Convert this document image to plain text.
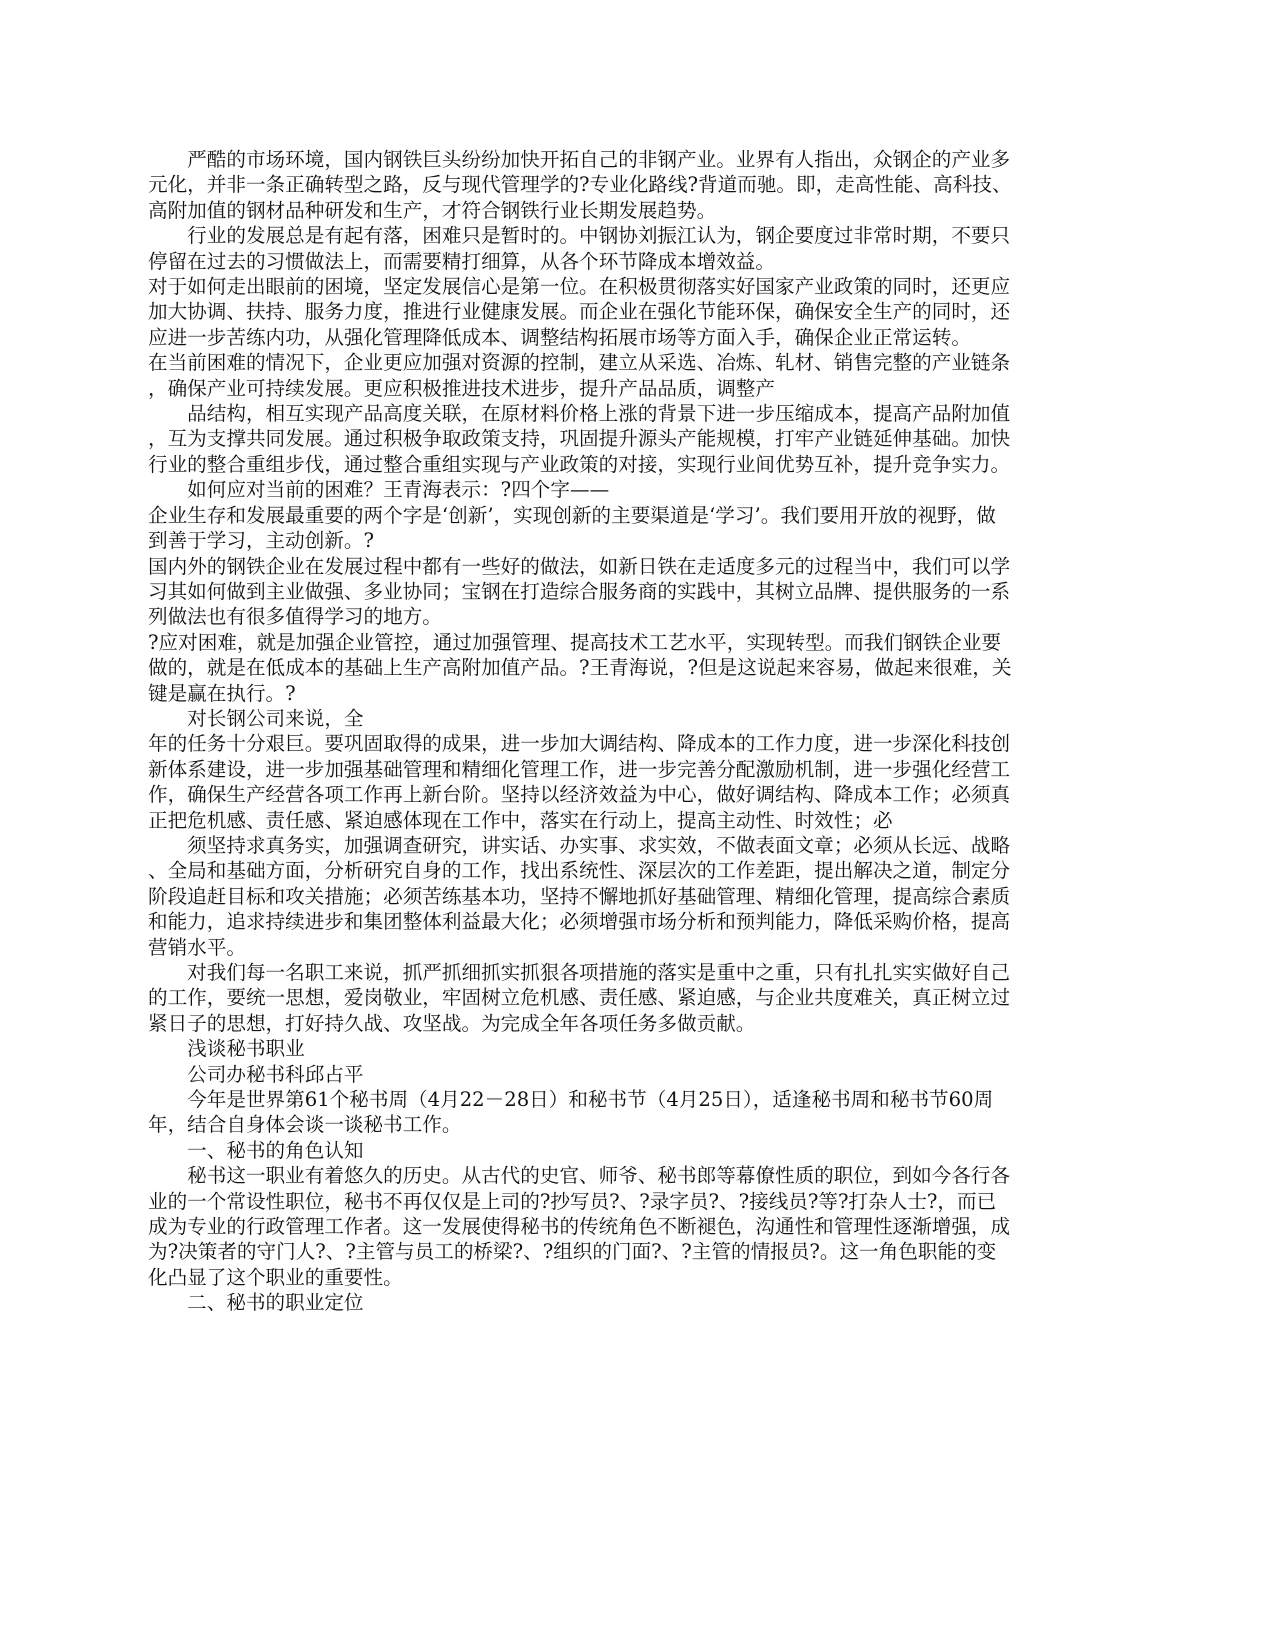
　　严酷的市场环境，国内钢铁巨头纷纷加快开拓自己的非钢产业。业界有人指出，众钢企的产业多
元化，并非一条正确转型之路，反与现代管理学的?专业化路线?背道而驰。即，走高性能、高科技、
高附加值的钢材品种研发和生产，才符合钢铁行业长期发展趋势。
　　行业的发展总是有起有落，困难只是暂时的。中钢协刘振江认为，钢企要度过非常时期，不要只
停留在过去的习惯做法上，而需要精打细算，从各个环节降成本增效益。
对于如何走出眼前的困境，坚定发展信心是第一位。在积极贯彻落实好国家产业政策的同时，还更应
加大协调、扶持、服务力度，推进行业健康发展。而企业在强化节能环保，确保安全生产的同时，还
应进一步苦练内功，从强化管理降低成本、调整结构拓展市场等方面入手，确保企业正常运转。
在当前困难的情况下，企业更应加强对资源的控制，建立从采选、冶炼、轧材、销售完整的产业链条
，确保产业可持续发展。更应积极推进技术进步，提升产品品质，调整产
　　品结构，相互实现产品高度关联，在原材料价格上涨的背景下进一步压缩成本，提高产品附加值
，互为支撑共同发展。通过积极争取政策支持，巩固提升源头产能规模，打牢产业链延伸基础。加快
行业的整合重组步伐，通过整合重组实现与产业政策的对接，实现行业间优势互补，提升竞争实力。
　　如何应对当前的困难？王青海表示：?四个字——
企业生存和发展最重要的两个字是‘创新’，实现创新的主要渠道是‘学习’。我们要用开放的视野，做
到善于学习，主动创新。?
国内外的钢铁企业在发展过程中都有一些好的做法，如新日铁在走适度多元的过程当中，我们可以学
习其如何做到主业做强、多业协同；宝钢在打造综合服务商的实践中，其树立品牌、提供服务的一系
列做法也有很多值得学习的地方。
?应对困难，就是加强企业管控，通过加强管理、提高技术工艺水平，实现转型。而我们钢铁企业要
做的，就是在低成本的基础上生产高附加值产品。?王青海说，?但是这说起来容易，做起来很难，关
键是赢在执行。?
　　对长钢公司来说，全
年的任务十分艰巨。要巩固取得的成果，进一步加大调结构、降成本的工作力度，进一步深化科技创
新体系建设，进一步加强基础管理和精细化管理工作，进一步完善分配激励机制，进一步强化经营工
作，确保生产经营各项工作再上新台阶。坚持以经济效益为中心，做好调结构、降成本工作；必须真
正把危机感、责任感、紧迫感体现在工作中，落实在行动上，提高主动性、时效性；必
　　须坚持求真务实，加强调查研究，讲实话、办实事、求实效，不做表面文章；必须从长远、战略
、全局和基础方面，分析研究自身的工作，找出系统性、深层次的工作差距，提出解决之道，制定分
阶段追赶目标和攻关措施；必须苦练基本功，坚持不懈地抓好基础管理、精细化管理，提高综合素质
和能力，追求持续进步和集团整体利益最大化；必须增强市场分析和预判能力，降低采购价格，提高
营销水平。
　　对我们每一名职工来说，抓严抓细抓实抓狠各项措施的落实是重中之重，只有扎扎实实做好自己
的工作，要统一思想，爱岗敬业，牢固树立危机感、责任感、紧迫感，与企业共度难关，真正树立过
紧日子的思想，打好持久战、攻坚战。为完成全年各项任务多做贡献。
　　浅谈秘书职业
　　公司办秘书科邱占平
　　今年是世界第61个秘书周（4月22－28日）和秘书节（4月25日），适逢秘书周和秘书节60周
年，结合自身体会谈一谈秘书工作。
　　一、秘书的角色认知
　　秘书这一职业有着悠久的历史。从古代的史官、师爷、秘书郎等幕僚性质的职位，到如今各行各
业的一个常设性职位，秘书不再仅仅是上司的?抄写员?、?录字员?、?接线员?等?打杂人士?，而已
成为专业的行政管理工作者。这一发展使得秘书的传统角色不断褪色，沟通性和管理性逐渐增强，成
为?决策者的守门人?、?主管与员工的桥梁?、?组织的门面?、?主管的情报员?。这一角色职能的变
化凸显了这个职业的重要性。
　　二、秘书的职业定位
